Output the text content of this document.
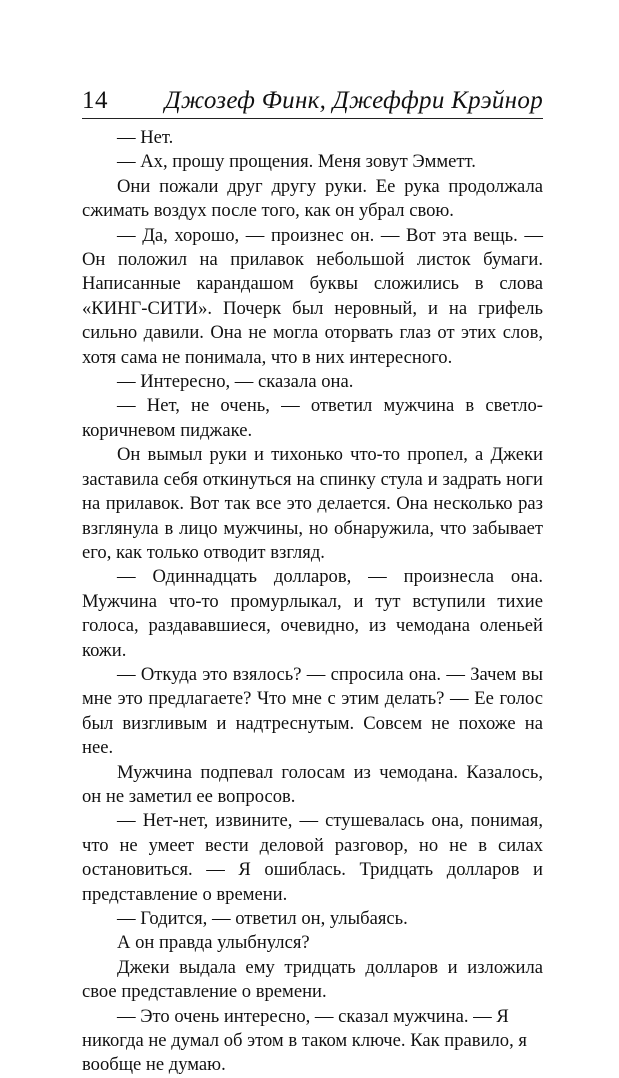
14 Джозеф Финк, Джеффри Крэйнор

— Нет.

— Ах, прошу прощения. Меня зовут Эмметт.

Они пожали друг другу руки. Ее рука продолжала сжимать воздух после того, как он убрал свою.

— Да, хорошо, — произнес он. — Вот эта вещь. — Он положил на прилавок небольшой листок бумаги. Написанные карандашом буквы сложились в слова «КИНГ-СИТИ». Почерк был неровный, и на грифель сильно давили. Она не могла оторвать глаз от этих слов, хотя сама не понимала, что в них интересного.

— Интересно, — сказала она.

— Нет, не очень, — ответил мужчина в светло-коричневом пиджаке.

Он вымыл руки и тихонько что-то пропел, а Джеки заставила себя откинуться на спинку стула и задрать ноги на прилавок. Вот так все это делается. Она несколько раз взглянула в лицо мужчины, но обнаружила, что забывает его, как только отводит взгляд.

— Одиннадцать долларов, — произнесла она. Мужчина что-то промурлыкал, и тут вступили тихие голоса, раздававшиеся, очевидно, из чемодана оленьей кожи.

— Откуда это взялось? — спросила она. — Зачем вы мне это предлагаете? Что мне с этим делать? — Ее голос был визгливым и надтреснутым. Совсем не похоже на нее.

Мужчина подпевал голосам из чемодана. Казалось, он не заметил ее вопросов.

— Нет-нет, извините, — стушевалась она, понимая, что не умеет вести деловой разговор, но не в силах остановиться. — Я ошиблась. Тридцать долларов и представление о времени.

— Годится, — ответил он, улыбаясь.

А он правда улыбнулся?

Джеки выдала ему тридцать долларов и изложила свое представление о времени.

— Это очень интересно, — сказал мужчина. — Я никогда не думал об этом в таком ключе. Как правило, я вообще не думаю.
